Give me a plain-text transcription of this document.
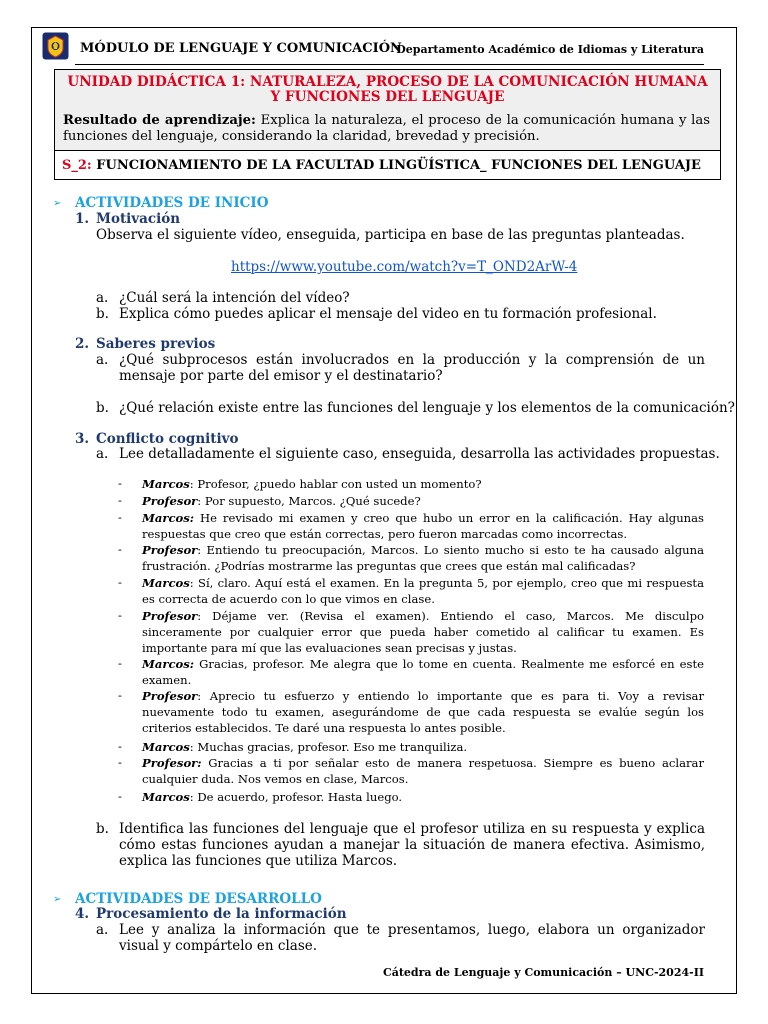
MÓDULO DE LENGUAJE Y COMUNICACIÓN
Departamento Académico de Idiomas y Literatura
UNIDAD DIDÁCTICA 1: NATURALEZA, PROCESO DE LA COMUNICACIÓN HUMANA Y FUNCIONES DEL LENGUAJE
Resultado de aprendizaje: Explica la naturaleza, el proceso de la comunicación humana y las funciones del lenguaje, considerando la claridad, brevedad y precisión.
S_2: FUNCIONAMIENTO DE LA FACULTAD LINGÜÍSTICA_ FUNCIONES DEL LENGUAJE
➢ ACTIVIDADES DE INICIO
1. Motivación
Observa el siguiente vídeo, enseguida, participa en base de las preguntas planteadas.
https://www.youtube.com/watch?v=T_OND2ArW-4
a. ¿Cuál será la intención del vídeo?
b. Explica cómo puedes aplicar el mensaje del video en tu formación profesional.
2. Saberes previos
a. ¿Qué subprocesos están involucrados en la producción y la comprensión de un mensaje por parte del emisor y el destinatario?
b. ¿Qué relación existe entre las funciones del lenguaje y los elementos de la comunicación?
3. Conflicto cognitivo
a. Lee detalladamente el siguiente caso, enseguida, desarrolla las actividades propuestas.
- Marcos: Profesor, ¿puedo hablar con usted un momento?
- Profesor: Por supuesto, Marcos. ¿Qué sucede?
- Marcos: He revisado mi examen y creo que hubo un error en la calificación. Hay algunas respuestas que creo que están correctas, pero fueron marcadas como incorrectas.
- Profesor: Entiendo tu preocupación, Marcos. Lo siento mucho si esto te ha causado alguna frustración. ¿Podrías mostrarme las preguntas que crees que están mal calificadas?
- Marcos: Sí, claro. Aquí está el examen. En la pregunta 5, por ejemplo, creo que mi respuesta es correcta de acuerdo con lo que vimos en clase.
- Profesor: Déjame ver. (Revisa el examen). Entiendo el caso, Marcos. Me disculpo sinceramente por cualquier error que pueda haber cometido al calificar tu examen. Es importante para mí que las evaluaciones sean precisas y justas.
- Marcos: Gracias, profesor. Me alegra que lo tome en cuenta. Realmente me esforcé en este examen.
- Profesor: Aprecio tu esfuerzo y entiendo lo importante que es para ti. Voy a revisar nuevamente todo tu examen, asegurándome de que cada respuesta se evalúe según los criterios establecidos. Te daré una respuesta lo antes posible.
- Marcos: Muchas gracias, profesor. Eso me tranquiliza.
- Profesor: Gracias a ti por señalar esto de manera respetuosa. Siempre es bueno aclarar cualquier duda. Nos vemos en clase, Marcos.
- Marcos: De acuerdo, profesor. Hasta luego.
b. Identifica las funciones del lenguaje que el profesor utiliza en su respuesta y explica cómo estas funciones ayudan a manejar la situación de manera efectiva. Asimismo, explica las funciones que utiliza Marcos.
➢ ACTIVIDADES DE DESARROLLO
4. Procesamiento de la información
a. Lee y analiza la información que te presentamos, luego, elabora un organizador visual y compártelo en clase.
Cátedra de Lenguaje y Comunicación – UNC-2024-II
